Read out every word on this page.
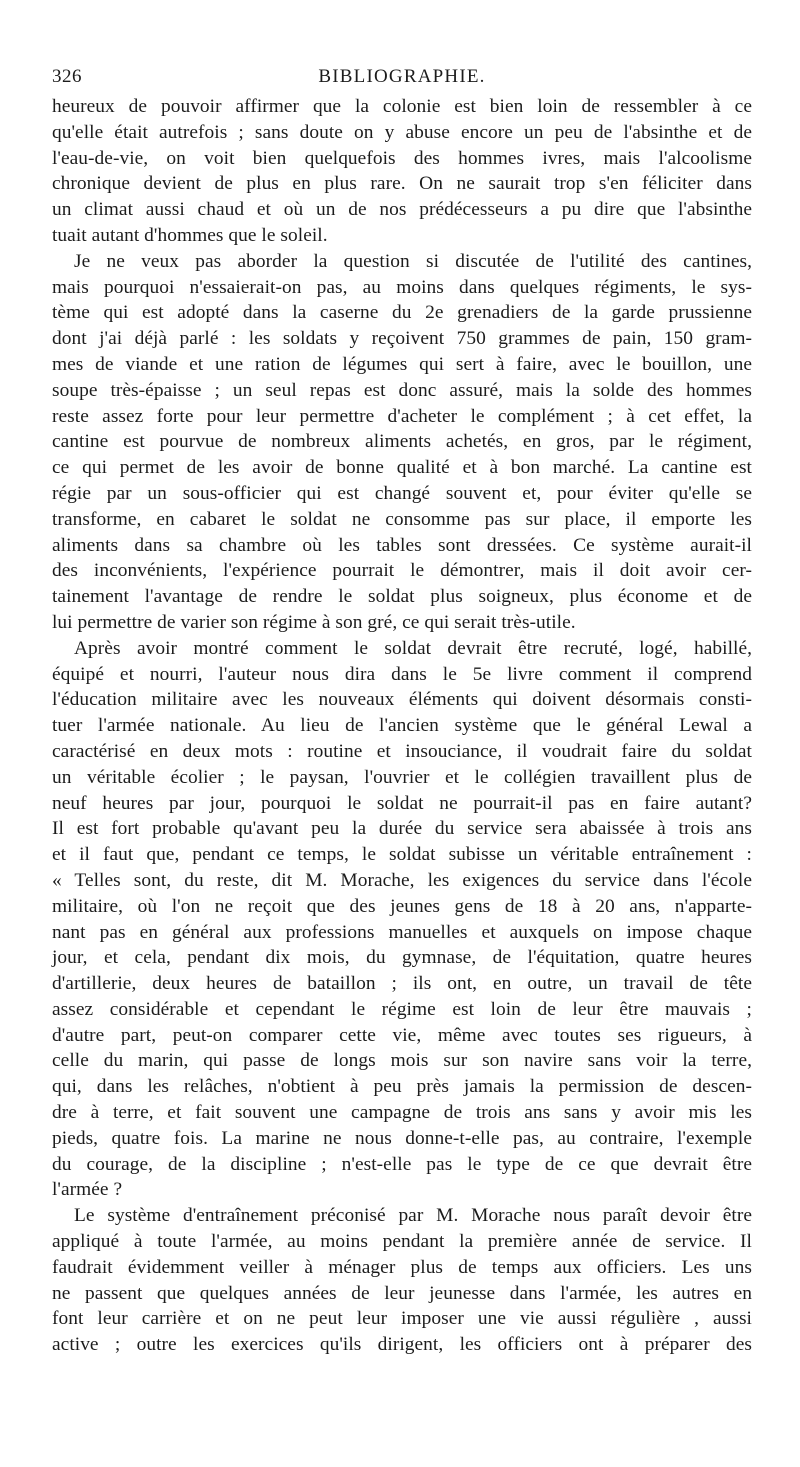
326	BIBLIOGRAPHIE.
heureux de pouvoir affirmer que la colonie est bien loin de ressembler à ce
qu'elle était autrefois ; sans doute on y abuse encore un peu de l'absinthe et de
l'eau-de-vie, on voit bien quelquefois des hommes ivres, mais l'alcoolisme
chronique devient de plus en plus rare. On ne saurait trop s'en féliciter dans
un climat aussi chaud et où un de nos prédécesseurs a pu dire que l'absinthe
tuait autant d'hommes que le soleil.
Je ne veux pas aborder la question si discutée de l'utilité des cantines,
mais pourquoi n'essaierait-on pas, au moins dans quelques régiments, le sys-
tème qui est adopté dans la caserne du 2e grenadiers de la garde prussienne
dont j'ai déjà parlé : les soldats y reçoivent 750 grammes de pain, 150 gram-
mes de viande et une ration de légumes qui sert à faire, avec le bouillon, une
soupe très-épaisse ; un seul repas est donc assuré, mais la solde des hommes
reste assez forte pour leur permettre d'acheter le complément ; à cet effet, la
cantine est pourvue de nombreux aliments achetés, en gros, par le régiment,
ce qui permet de les avoir de bonne qualité et à bon marché. La cantine est
régie par un sous-officier qui est changé souvent et, pour éviter qu'elle se
transforme, en cabaret le soldat ne consomme pas sur place, il emporte les
aliments dans sa chambre où les tables sont dressées. Ce système aurait-il
des inconvénients, l'expérience pourrait le démontrer, mais il doit avoir cer-
tainement l'avantage de rendre le soldat plus soigneux, plus économe et de
lui permettre de varier son régime à son gré, ce qui serait très-utile.
Après avoir montré comment le soldat devrait être recruté, logé, habillé,
équipé et nourri, l'auteur nous dira dans le 5e livre comment il comprend
l'éducation militaire avec les nouveaux éléments qui doivent désormais consti-
tuer l'armée nationale. Au lieu de l'ancien système que le général Lewal a
caractérisé en deux mots : routine et insouciance, il voudrait faire du soldat
un véritable écolier ; le paysan, l'ouvrier et le collégien travaillent plus de
neuf heures par jour, pourquoi le soldat ne pourrait-il pas en faire autant?
Il est fort probable qu'avant peu la durée du service sera abaissée à trois ans
et il faut que, pendant ce temps, le soldat subisse un véritable entraînement :
« Telles sont, du reste, dit M. Morache, les exigences du service dans l'école
militaire, où l'on ne reçoit que des jeunes gens de 18 à 20 ans, n'apparte-
nant pas en général aux professions manuelles et auxquels on impose chaque
jour, et cela, pendant dix mois, du gymnase, de l'équitation, quatre heures
d'artillerie, deux heures de bataillon ; ils ont, en outre, un travail de tête
assez considérable et cependant le régime est loin de leur être mauvais ;
d'autre part, peut-on comparer cette vie, même avec toutes ses rigueurs, à
celle du marin, qui passe de longs mois sur son navire sans voir la terre,
qui, dans les relâches, n'obtient à peu près jamais la permission de descen-
dre à terre, et fait souvent une campagne de trois ans sans y avoir mis les
pieds, quatre fois. La marine ne nous donne-t-elle pas, au contraire, l'exemple
du courage, de la discipline ; n'est-elle pas le type de ce que devrait être
l'armée ?
Le système d'entraînement préconisé par M. Morache nous paraît devoir être
appliqué à toute l'armée, au moins pendant la première année de service. Il
faudrait évidemment veiller à ménager plus de temps aux officiers. Les uns
ne passent que quelques années de leur jeunesse dans l'armée, les autres en
font leur carrière et on ne peut leur imposer une vie aussi régulière , aussi
active ; outre les exercices qu'ils dirigent, les officiers ont à préparer des
